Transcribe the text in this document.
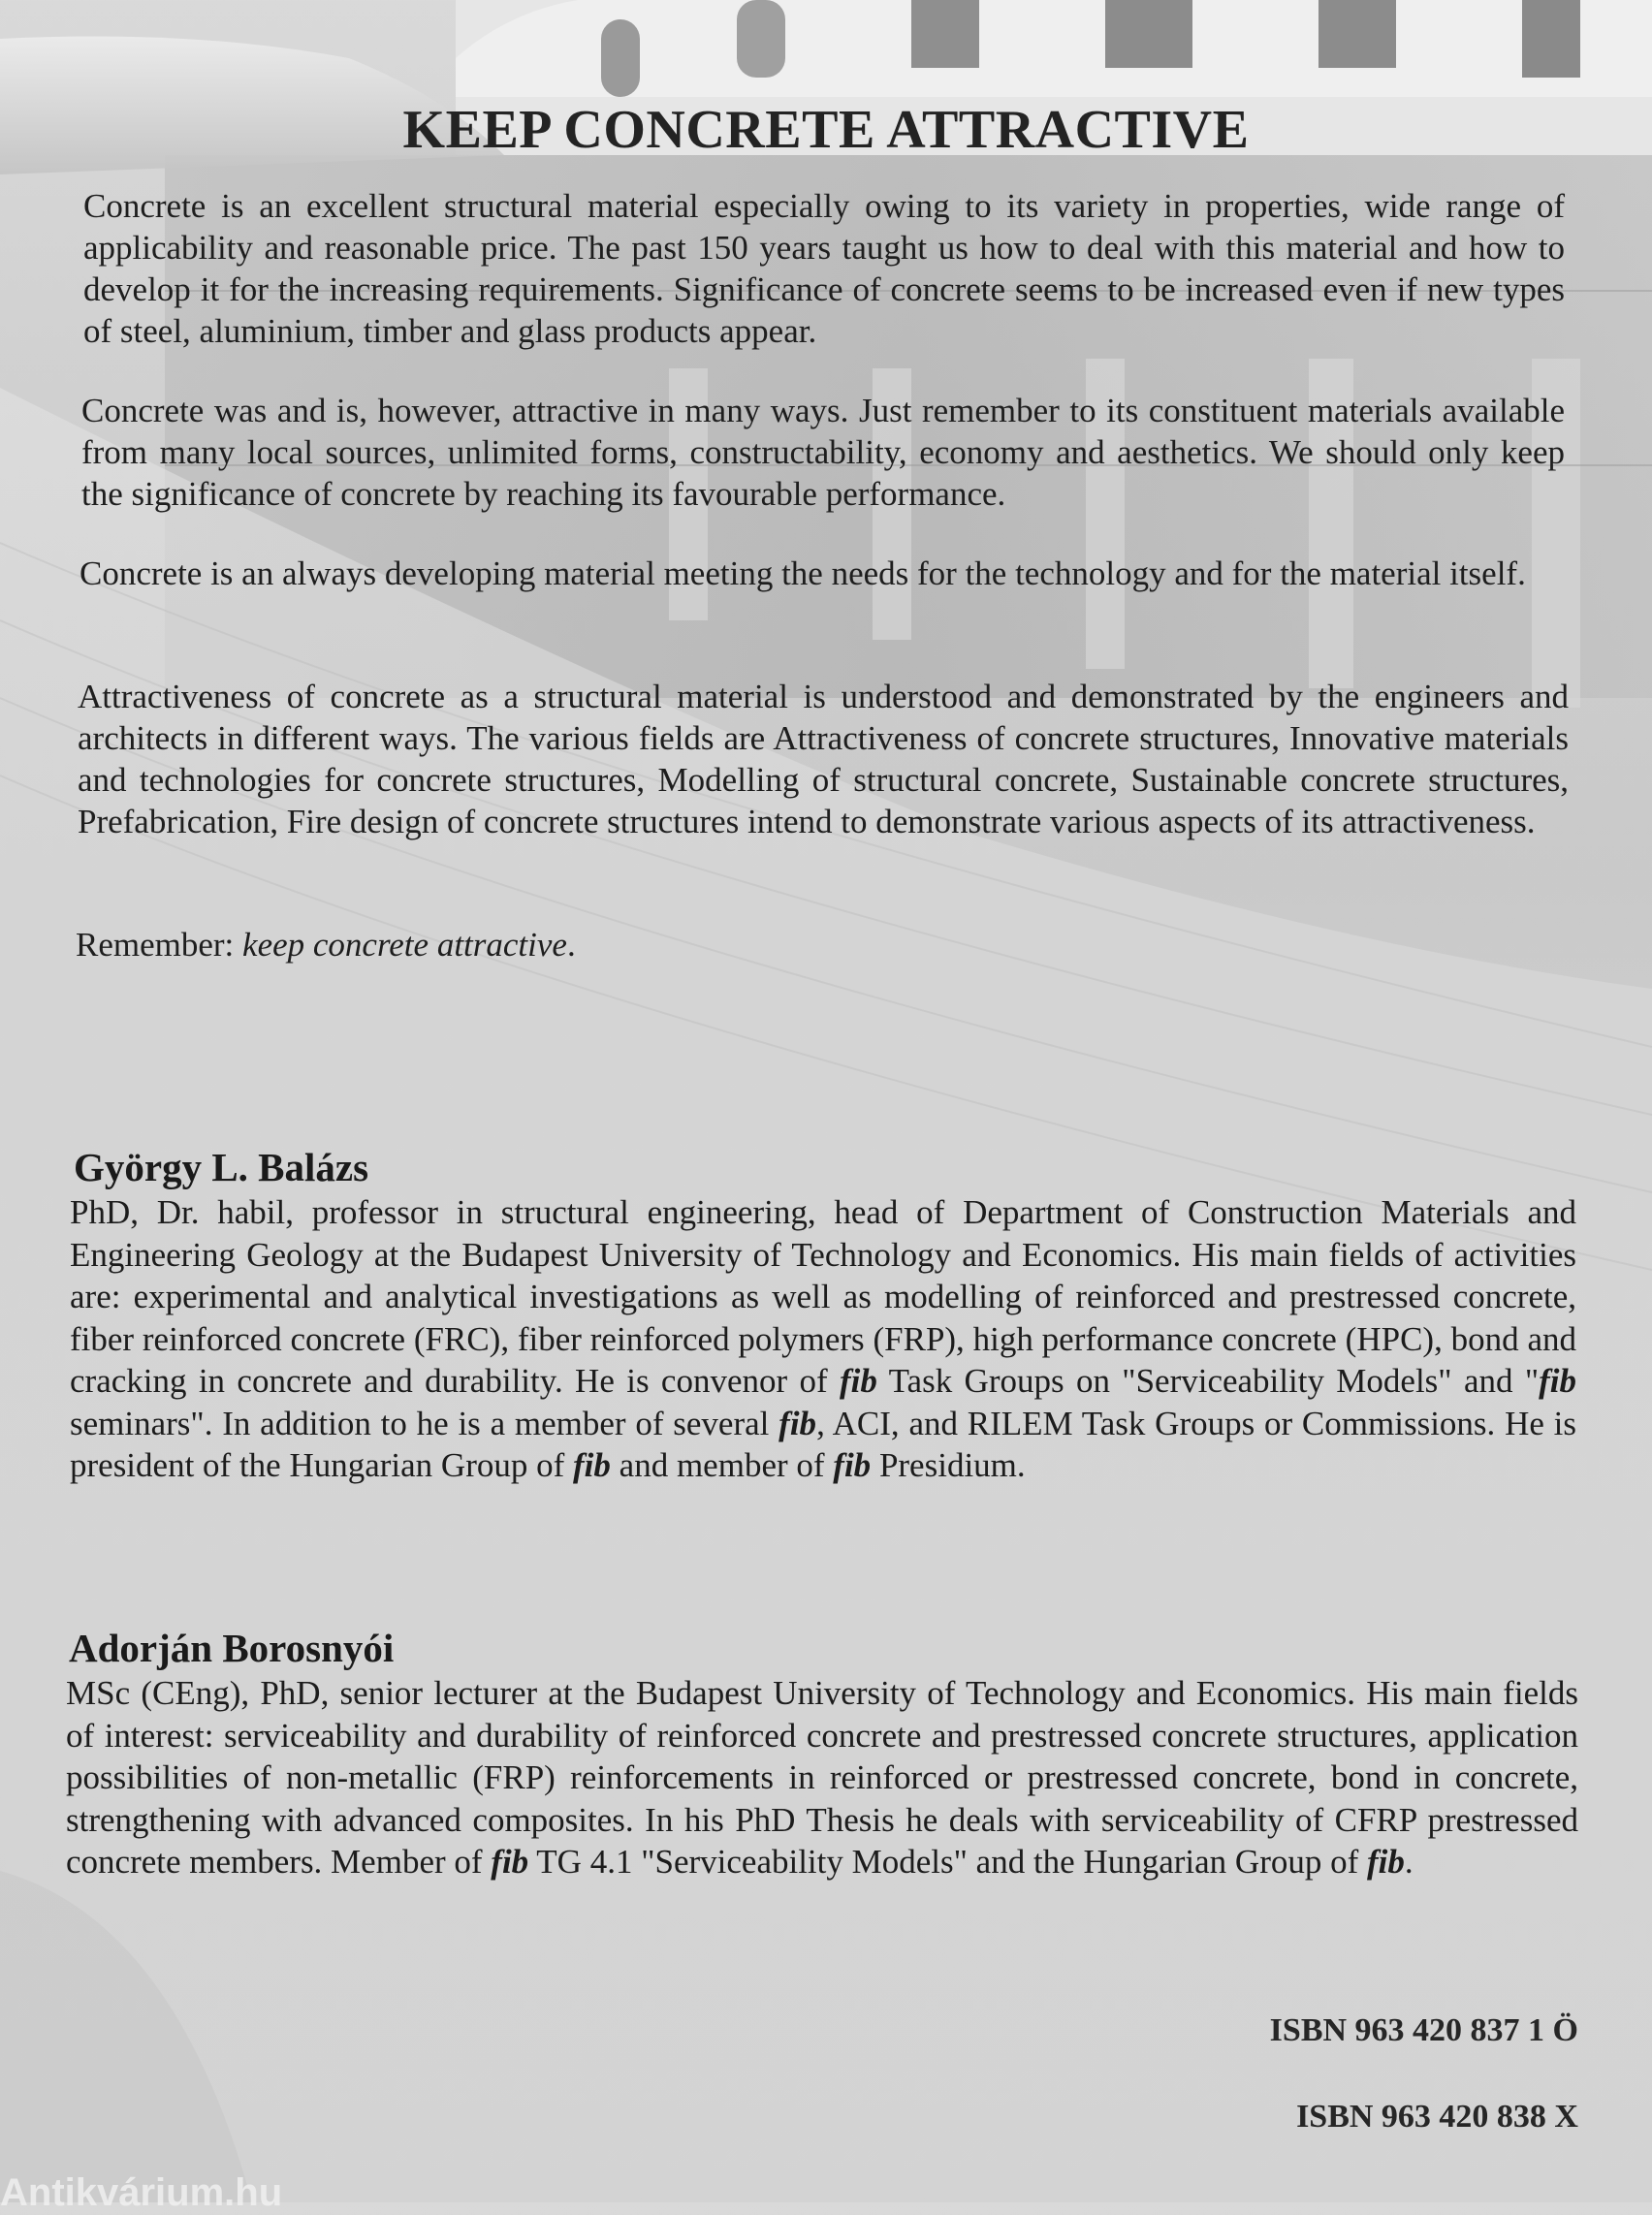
KEEP CONCRETE ATTRACTIVE

Concrete is an excellent structural material especially owing to its variety in properties, wide range of applicability and reasonable price. The past 150 years taught us how to deal with this material and how to develop it for the increasing requirements. Significance of concrete seems to be increased even if new types of steel, aluminium, timber and glass products appear.

Concrete was and is, however, attractive in many ways. Just remember to its constituent materials available from many local sources, unlimited forms, constructability, economy and aesthetics. We should only keep the significance of concrete by reaching its favourable performance.

Concrete is an always developing material meeting the needs for the technology and for the material itself.

Attractiveness of concrete as a structural material is understood and demonstrated by the engineers and architects in different ways. The various fields are Attractiveness of concrete structures, Innovative materials and technologies for concrete structures, Modelling of structural concrete, Sustainable concrete structures, Prefabrication, Fire design of concrete structures intend to demonstrate various aspects of its attractiveness.

Remember: keep concrete attractive.

György L. Balázs

PhD, Dr. habil, professor in structural engineering, head of Department of Construction Materials and Engineering Geology at the Budapest University of Technology and Economics. His main fields of activities are: experimental and analytical investigations as well as modelling of reinforced and prestressed concrete, fiber reinforced concrete (FRC), fiber reinforced polymers (FRP), high performance concrete (HPC), bond and cracking in concrete and durability. He is convenor of fib Task Groups on "Serviceability Models" and "fib seminars". In addition to he is a member of several fib, ACI, and RILEM Task Groups or Commissions. He is president of the Hungarian Group of fib and member of fib Presidium.

Adorján Borosnyói

MSc (CEng), PhD, senior lecturer at the Budapest University of Technology and Economics. His main fields of interest: serviceability and durability of reinforced concrete and prestressed concrete structures, application possibilities of non-metallic (FRP) reinforcements in reinforced or prestressed concrete, bond in concrete, strengthening with advanced composites. In his PhD Thesis he deals with serviceability of CFRP prestressed concrete members. Member of fib TG 4.1 "Serviceability Models" and the Hungarian Group of fib.

ISBN 963 420 837 1 Ö
ISBN 963 420 838 X
Antikvárium.hu
